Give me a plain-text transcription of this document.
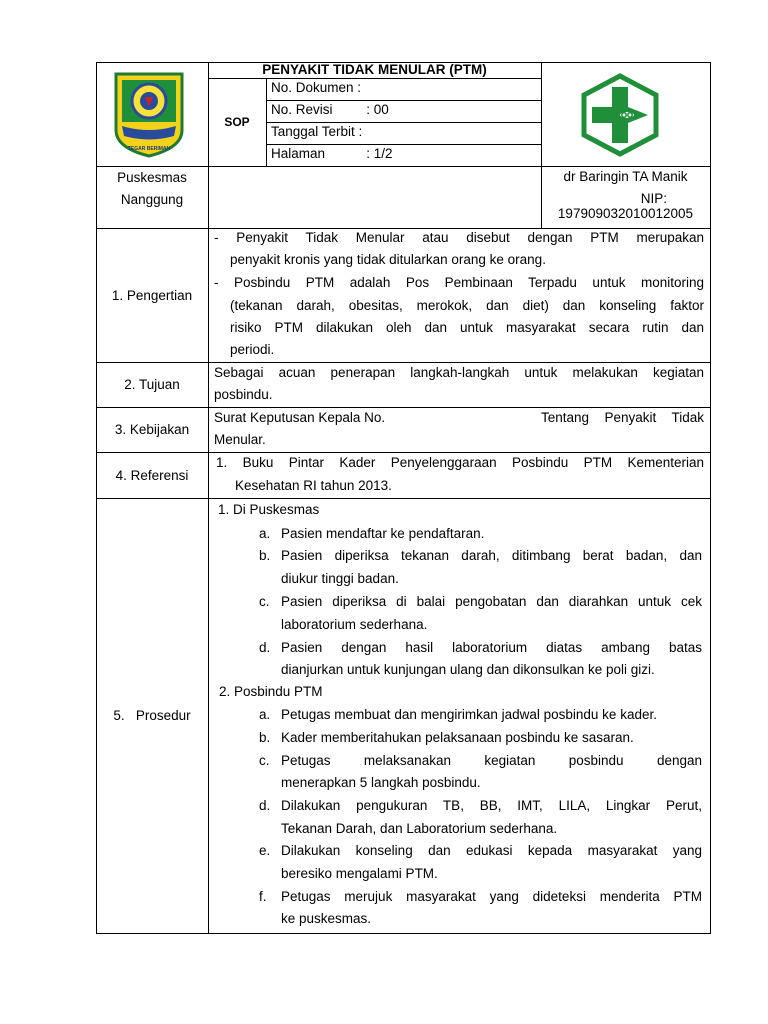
TEGAR BERIMAN
PENYAKIT TIDAK MENULAR (PTM)
SOP
No. Dokumen :
No. Revisi         : 00
Tanggal Terbit :
Halaman           : 1/2
Puskesmas
Nanggung
dr Baringin TA Manik
NIP:
197909032010012005
1. Pengertian
2. Tujuan
3. Kebijakan
4. Referensi
5.   Prosedur
- Penyakit Tidak Menular atau disebut dengan PTM merupakan
penyakit kronis yang tidak ditularkan orang ke orang.
- Posbindu PTM adalah Pos Pembinaan Terpadu untuk monitoring
(tekanan darah, obesitas, merokok, dan diet) dan konseling faktor
risiko PTM dilakukan oleh dan untuk masyarakat secara rutin dan
periodi.
Sebagai acuan penerapan langkah-langkah untuk melakukan kegiatan
posbindu.
Surat Keputusan Kepala No.	Tentang Penyakit Tidak
Menular.
1. Buku Pintar Kader Penyelenggaraan Posbindu PTM Kementerian
Kesehatan RI tahun 2013.
1. Di Puskesmas
a. Pasien mendaftar ke pendaftaran.
b. Pasien diperiksa tekanan darah, ditimbang berat badan, dan
diukur tinggi badan.
c. Pasien diperiksa di balai pengobatan dan diarahkan untuk cek
laboratorium sederhana.
d. Pasien dengan hasil laboratorium diatas ambang batas
dianjurkan untuk kunjungan ulang dan dikonsulkan ke poli gizi.
2. Posbindu PTM
a. Petugas membuat dan mengirimkan jadwal posbindu ke kader.
b. Kader memberitahukan pelaksanaan posbindu ke sasaran.
c. Petugas melaksanakan kegiatan posbindu dengan
menerapkan 5 langkah posbindu.
d. Dilakukan pengukuran TB, BB, IMT, LILA, Lingkar Perut,
Tekanan Darah, dan Laboratorium sederhana.
e. Dilakukan konseling dan edukasi kepada masyarakat yang
beresiko mengalami PTM.
f. Petugas merujuk masyarakat yang dideteksi menderita PTM
ke puskesmas.
